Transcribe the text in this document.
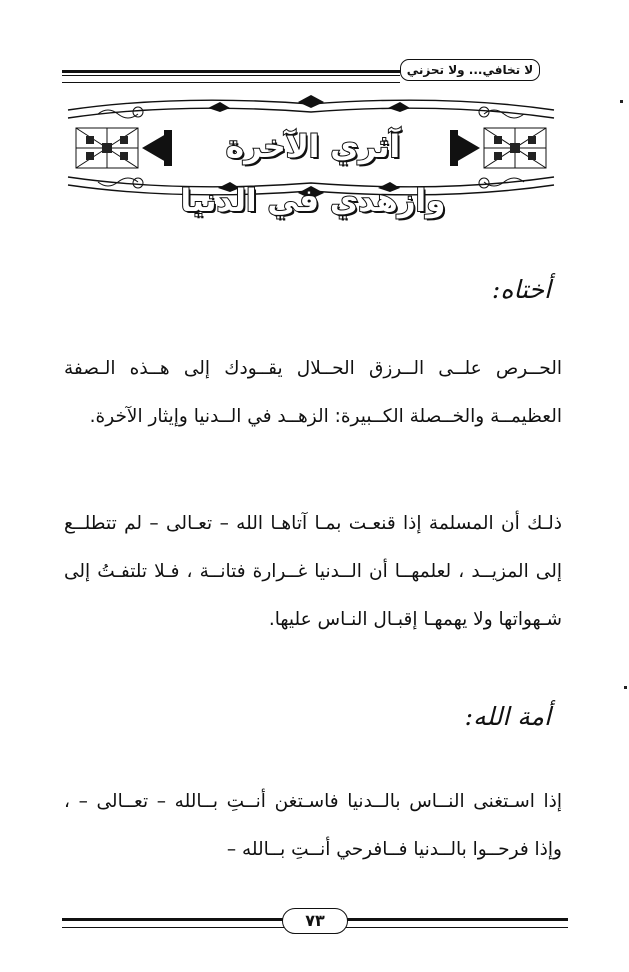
لا تخافي... ولا تحزني
آثري الآخرة وازهدي في الدنيا
أختاه:
الحــرص علــى الــرزق الحــلال يقــودك إلى هــذه الـصفة العظيمــة والخــصلة الكــبيرة: الزهــد في الــدنيا وإيثار الآخرة.
ذلـك أن المسلمة إذا قنعـت بمـا آتاهـا الله – تعـالى – لم تتطلــع إلى المزيــد ، لعلمهــا أن الــدنيا غــرارة فتانــة ، فـلا تلتفـتُ إلى شـهواتها ولا يهمهـا إقبـال النـاس عليها.
أمة الله:
إذا اسـتغنى النــاس بالــدنيا فاسـتغن أنــتِ بــالله – تعــالى – ، وإذا فرحــوا بالــدنيا فــافرحي أنــتِ بــالله –
٧٣
